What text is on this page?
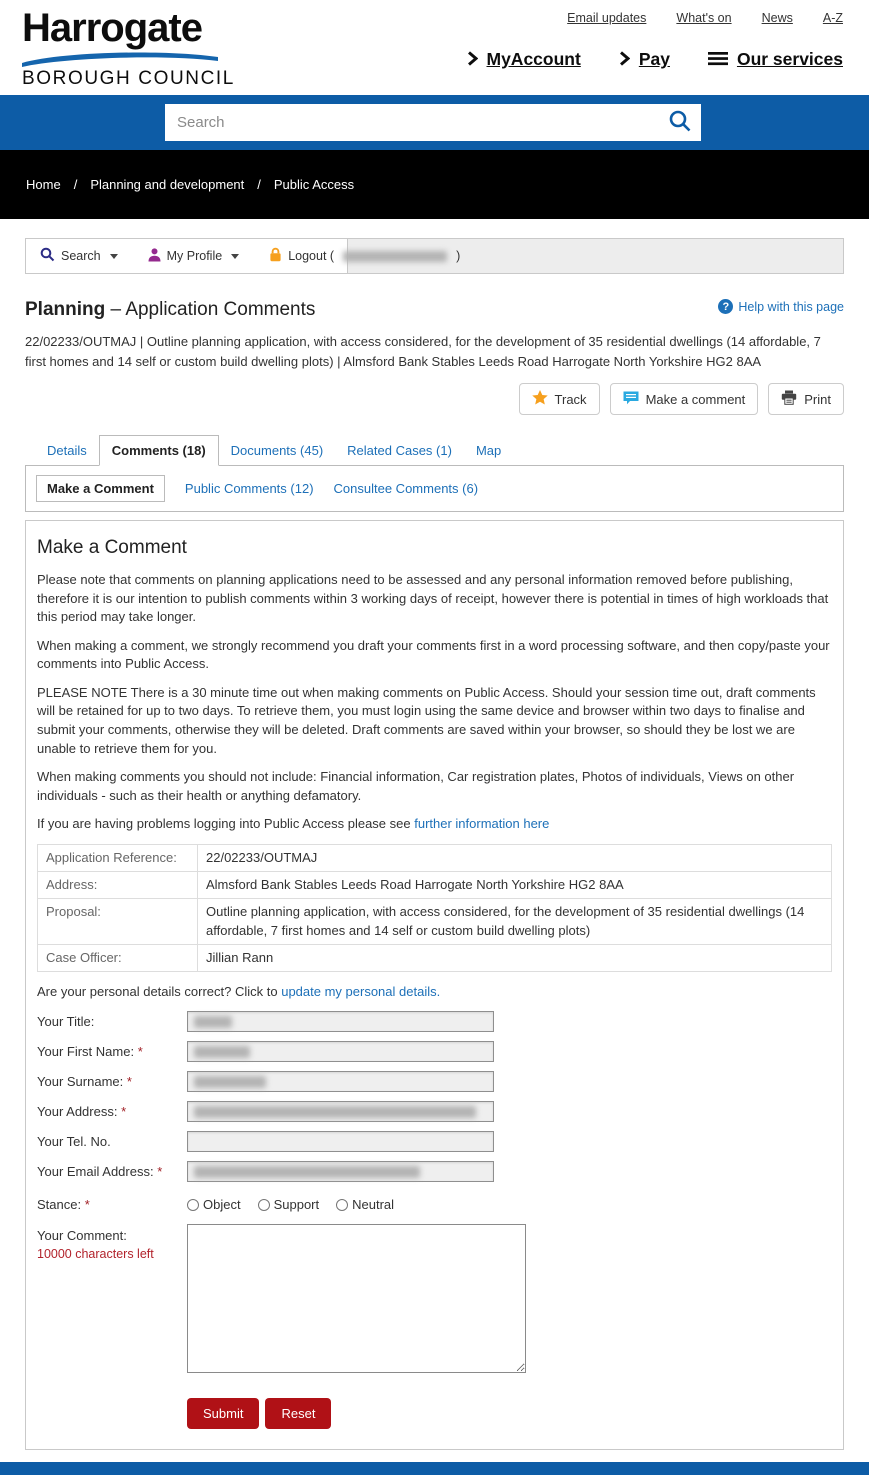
Harrogate
BOROUGH COUNCIL
Email updates What's on News A-Z
MyAccount	Pay	Our services
Search
Home / Planning and development / Public Access
Search	My Profile	Logout (	)
Planning – Application Comments	? Help with this page

22/02233/OUTMAJ | Outline planning application, with access considered, for the development of 35 residential dwellings (14 affordable, 7 first homes and 14 self or custom build dwelling plots) | Almsford Bank Stables Leeds Road Harrogate North Yorkshire HG2 8AA

Track	Make a comment	Print
Details	Comments (18)	Documents (45)	Related Cases (1)	Map
Make a Comment	Public Comments (12) Consultee Comments (6)
Make a Comment

Please note that comments on planning applications need to be assessed and any personal information removed before publishing, therefore it is our intention to publish comments within 3 working days of receipt, however there is potential in times of high workloads that this period may take longer.

When making a comment, we strongly recommend you draft your comments first in a word processing software, and then copy/paste your comments into Public Access.

PLEASE NOTE There is a 30 minute time out when making comments on Public Access. Should your session time out, draft comments will be retained for up to two days. To retrieve them, you must login using the same device and browser within two days to finalise and submit your comments, otherwise they will be deleted. Draft comments are saved within your browser, so should they be lost we are unable to retrieve them for you.

When making comments you should not include: Financial information, Car registration plates, Photos of individuals, Views on other individuals - such as their health or anything defamatory.

If you are having problems logging into Public Access please see further information here

Application Reference:	22/02233/OUTMAJ
Address:	Almsford Bank Stables Leeds Road Harrogate North Yorkshire HG2 8AA
Proposal:	Outline planning application, with access considered, for the development of 35 residential dwellings (14 affordable, 7 first homes and 14 self or custom build dwelling plots)
Case Officer:	Jillian Rann

Are your personal details correct? Click to update my personal details.

Your Title:
Your First Name: *
Your Surname: *
Your Address: *
Your Tel. No.
Your Email Address: *
Stance: *	Object	Support	Neutral
Your Comment:
10000 characters left
Submit	Reset
